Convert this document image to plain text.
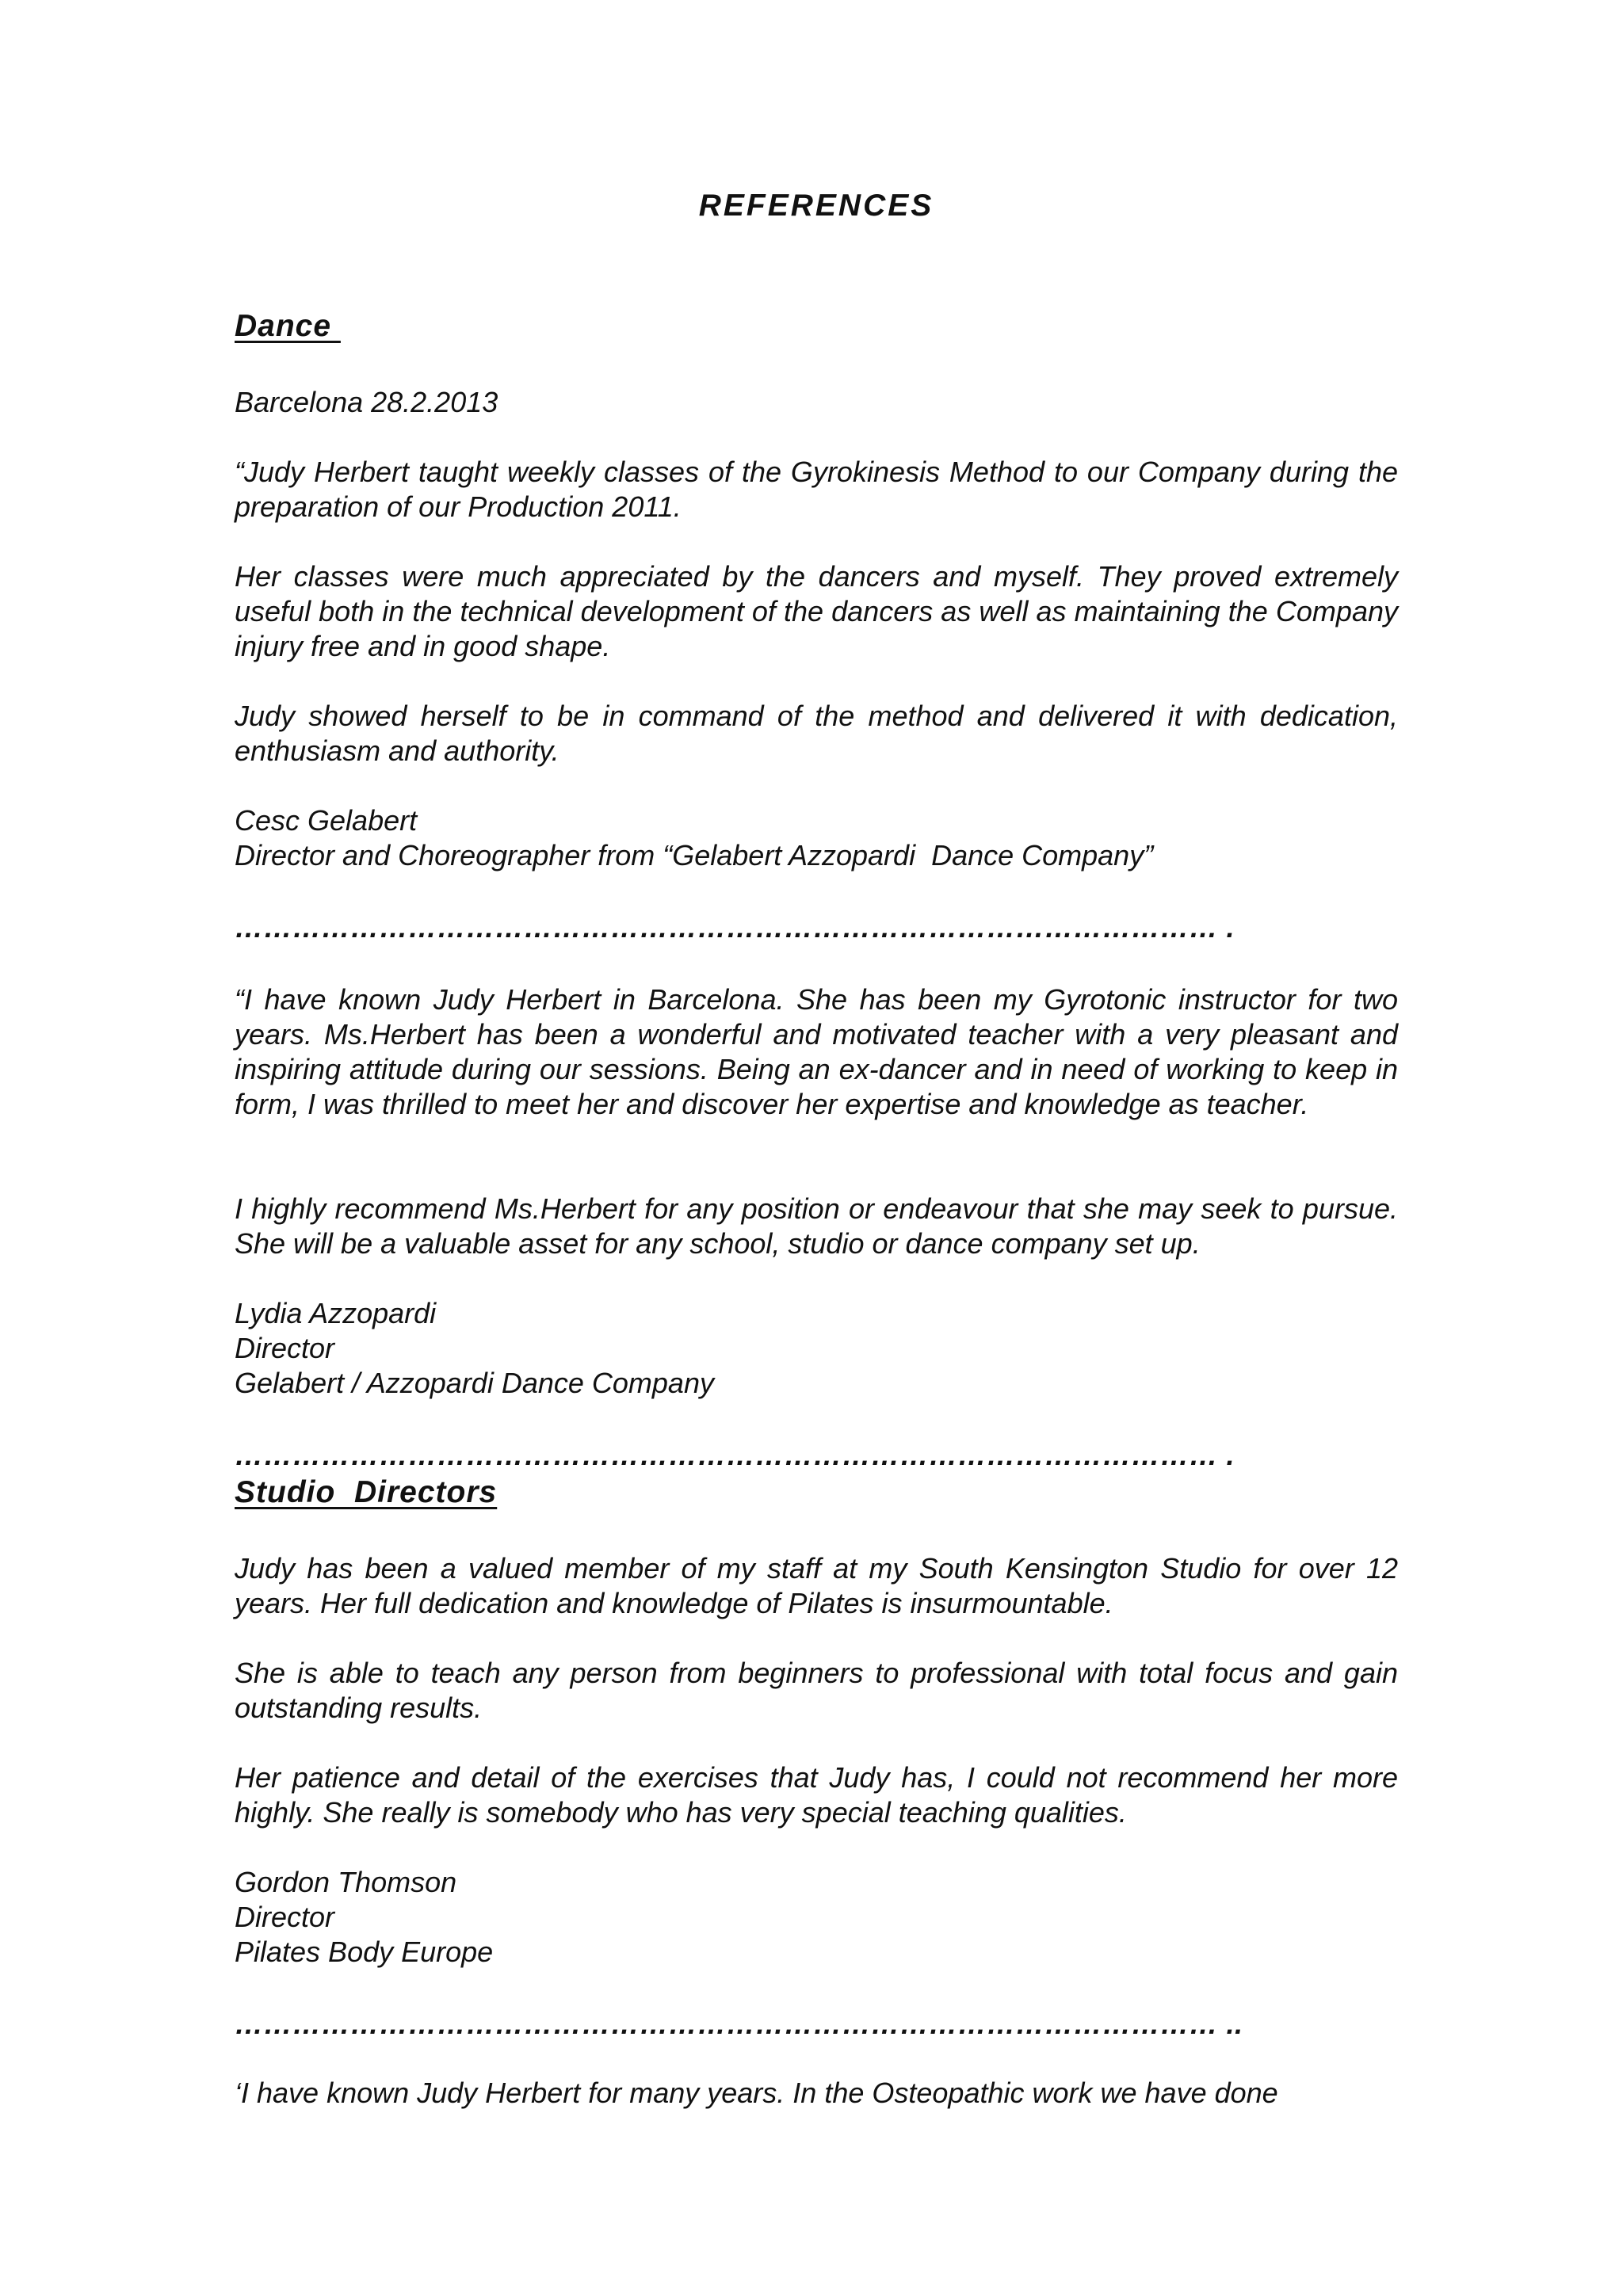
REFERENCES
Dance
Barcelona 28.2.2013
“Judy Herbert taught weekly classes of the Gyrokinesis Method to our Company during the preparation of our Production 2011.
Her classes were much appreciated by the dancers and myself. They proved extremely useful both in the technical development of the dancers as well as maintaining the Company injury free and in good shape.
Judy showed herself to be in command of the method and delivered it with dedication, enthusiasm and authority.
Cesc Gelabert
Director and Choreographer from “Gelabert Azzopardi  Dance Company”
………………………………………………………………………………………… .
“I have known Judy Herbert in Barcelona. She has been my Gyrotonic instructor for two years. Ms.Herbert has been a wonderful and motivated teacher with a very pleasant and inspiring attitude during our sessions. Being an ex-dancer and in need of working to keep in form, I was thrilled to meet her and discover her expertise and knowledge as teacher.
I highly recommend Ms.Herbert for any position or endeavour that she may seek to pursue. She will be a valuable asset for any school, studio or dance company set up.
Lydia Azzopardi
Director
Gelabert / Azzopardi Dance Company
………………………………………………………………………………………… .
Studio  Directors
Judy has been a valued member of my staff at my South Kensington Studio for over 12 years. Her full dedication and knowledge of Pilates is insurmountable.
She is able to teach any person from beginners to professional with total focus and gain outstanding results.
Her patience and detail of the exercises that Judy has, I could not recommend her more highly. She really is somebody who has very special teaching qualities.
Gordon Thomson
Director
Pilates Body Europe
………………………………………………………………………………………… ..
‘I have known Judy Herbert for many years. In the Osteopathic work we have done
